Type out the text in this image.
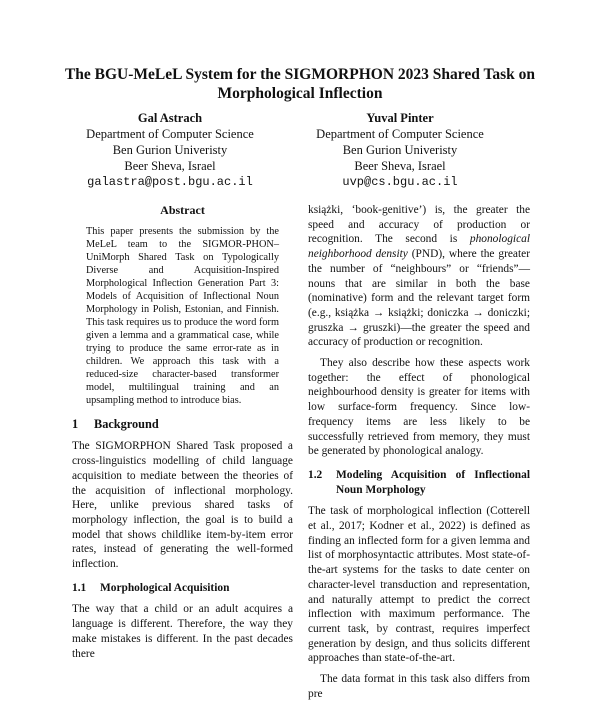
The BGU-MeLeL System for the SIGMORPHON 2023 Shared Task on Morphological Inflection
Gal Astrach
Department of Computer Science
Ben Gurion Univeristy
Beer Sheva, Israel
galastra@post.bgu.ac.il
Yuval Pinter
Department of Computer Science
Ben Gurion Univeristy
Beer Sheva, Israel
uvp@cs.bgu.ac.il
Abstract

This paper presents the submission by the MeLeL team to the SIGMOR-PHON–UniMorph Shared Task on Typologically Diverse and Acquisition-Inspired Morphological Inflection Generation Part 3: Models of Acquisition of Inflectional Noun Morphology in Polish, Estonian, and Finnish. This task requires us to produce the word form given a lemma and a grammatical case, while trying to produce the same error-rate as in children. We approach this task with a reduced-size character-based transformer model, multilingual training and an upsampling method to introduce bias.

1	Background

The SIGMORPHON Shared Task proposed a cross-linguistics modelling of child language acquisition to mediate between the theories of the acquisition of inflectional morphology. Here, unlike previous shared tasks of morphology inflection, the goal is to build a model that shows childlike item-by-item error rates, instead of generating the well-formed inflection.

1.1	Morphological Acquisition

The way that a child or an adult acquires a language is different. Therefore, the way they make mistakes is different. In the past decades there

książki, ‘book-genitive’) is, the greater the speed and accuracy of production or recognition. The second is phonological neighborhood density (PND), where the greater the number of “neighbours” or “friends”—nouns that are similar in both the base (nominative) form and the relevant target form (e.g., książka → książki; doniczka → doniczki; gruszka → gruszki)—the greater the speed and accuracy of production or recognition.

They also describe how these aspects work together: the effect of phonological neighbourhood density is greater for items with low surface-form frequency. Since low-frequency items are less likely to be successfully retrieved from memory, they must be generated by phonological analogy.

1.2	Modeling Acquisition of Inflectional Noun Morphology

The task of morphological inflection (Cotterell et al., 2017; Kodner et al., 2022) is defined as finding an inflected form for a given lemma and list of morphosyntactic attributes. Most state-of-the-art systems for the tasks to date center on character-level transduction and representation, and naturally attempt to predict the correct inflection with maximum performance. The current task, by contrast, requires imperfect generation by design, and thus solicits different approaches than state-of-the-art.

The data format in this task also differs from pre
